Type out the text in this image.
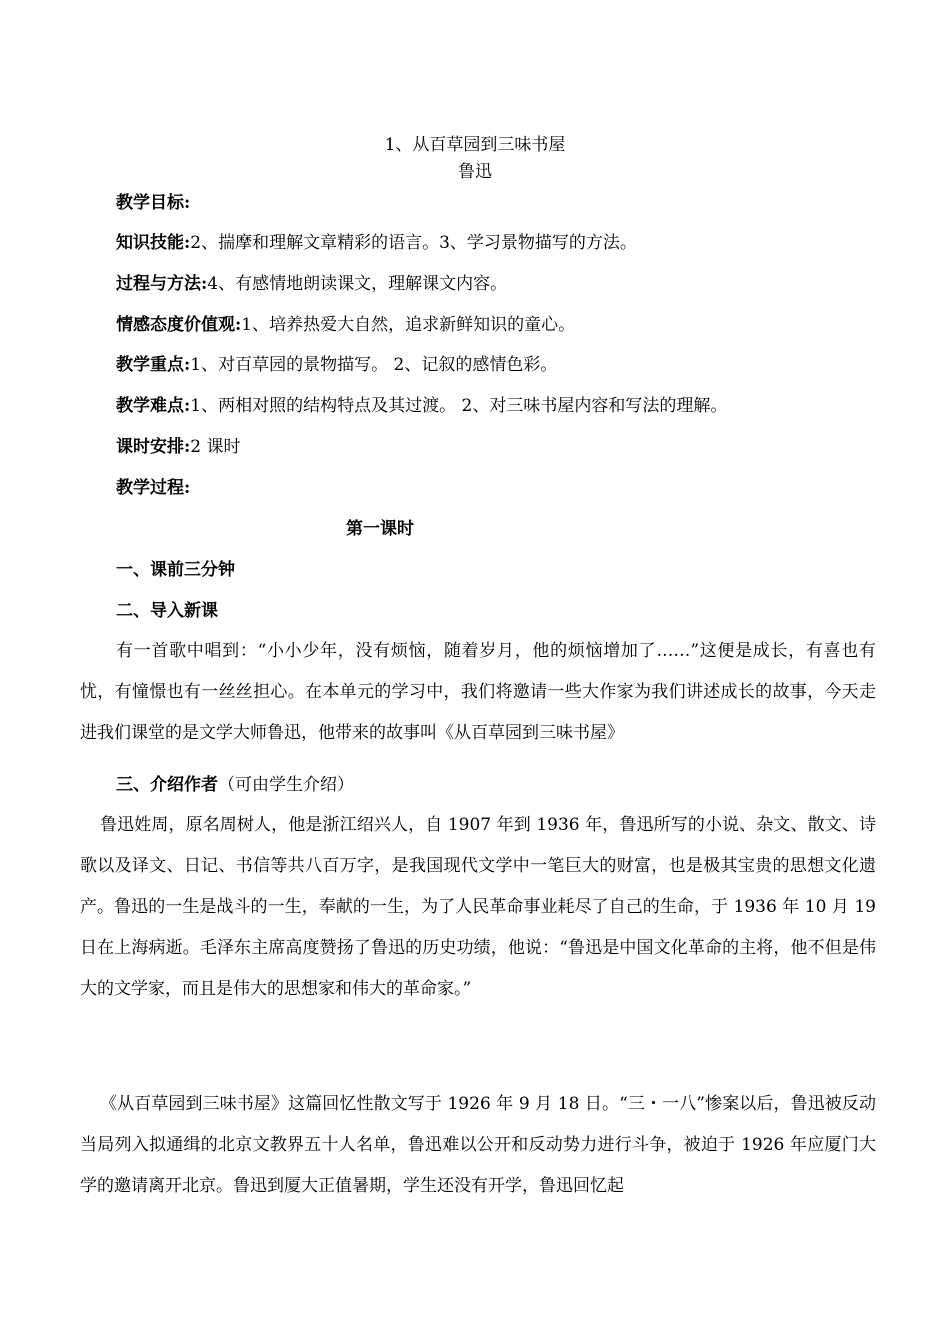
1、从百草园到三味书屋
鲁迅
教学目标:
知识技能:2、揣摩和理解文章精彩的语言。3、学习景物描写的方法。
过程与方法:4、有感情地朗读课文，理解课文内容。
情感态度价值观:1、培养热爱大自然，追求新鲜知识的童心。
教学重点:1、对百草园的景物描写。 2、记叙的感情色彩。
教学难点:1、两相对照的结构特点及其过渡。 2、对三味书屋内容和写法的理解。
课时安排:2 课时
教学过程:
第一课时
一、课前三分钟
二、导入新课

有一首歌中唱到：“小小少年，没有烦恼，随着岁月，他的烦恼增加了……”这便是成长，有喜也有忧，有憧憬也有一丝丝担心。在本单元的学习中，我们将邀请一些大作家为我们讲述成长的故事，今天走进我们课堂的是文学大师鲁迅，他带来的故事叫《从百草园到三味书屋》

三、介绍作者（可由学生介绍）

鲁迅姓周，原名周树人，他是浙江绍兴人，自 1907 年到 1936 年，鲁迅所写的小说、杂文、散文、诗歌以及译文、日记、书信等共八百万字，是我国现代文学中一笔巨大的财富，也是极其宝贵的思想文化遗产。鲁迅的一生是战斗的一生，奉献的一生，为了人民革命事业耗尽了自己的生命，于 1936 年 10 月 19 日在上海病逝。毛泽东主席高度赞扬了鲁迅的历史功绩，他说：“鲁迅是中国文化革命的主将，他不但是伟大的文学家，而且是伟大的思想家和伟大的革命家。”

《从百草园到三味书屋》这篇回忆性散文写于 1926 年 9 月 18 日。“三・一八”惨案以后，鲁迅被反动当局列入拟通缉的北京文教界五十人名单，鲁迅难以公开和反动势力进行斗争，被迫于 1926 年应厦门大学的邀请离开北京。鲁迅到厦大正值暑期，学生还没有开学，鲁迅回忆起
